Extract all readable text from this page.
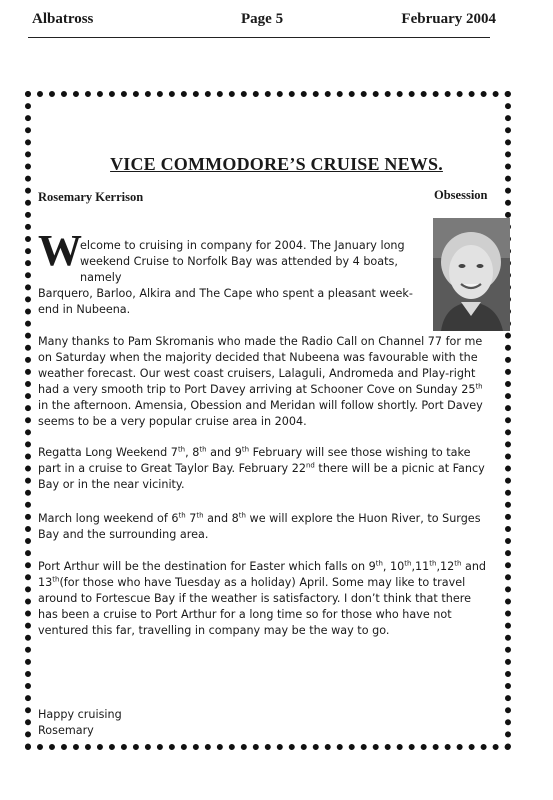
Albatross	Page 5	February 2004
VICE COMMODORE’S CRUISE NEWS.
Rosemary Kerrison	Obsession
W
elcome to cruising in company for 2004. The January long
weekend Cruise to Norfolk Bay was attended by 4 boats, namely
Barquero, Barloo, Alkira and The Cape who spent a pleasant week-
end in Nubeena.
Many thanks to Pam Skromanis who made the Radio Call on Channel 77 for me on Saturday when the majority decided that Nubeena was favourable with the weather forecast. Our west coast cruisers, Lalaguli, Andromeda and Play-right had a very smooth trip to Port Davey arriving at Schooner Cove on Sunday 25th in the afternoon. Amensia, Obession and Meridan will follow shortly. Port Davey seems to be a very popular cruise area in 2004.
Regatta Long Weekend 7th, 8th and 9th February will see those wishing to take part in a cruise to Great Taylor Bay. February 22nd there will be a picnic at Fancy Bay or in the near vicinity.
March long weekend of 6th 7th and 8th we will explore the Huon River, to Surges Bay and the surrounding area.
Port Arthur will be the destination for Easter which falls on 9th, 10th,11th,12th and 13th(for those who have Tuesday as a holiday) April. Some may like to travel around to Fortescue Bay if the weather is satisfactory. I don’t think that there has been a cruise to Port Arthur for a long time so for those who have not ventured this far, travelling in company may be the way to go.
Happy cruising
Rosemary
